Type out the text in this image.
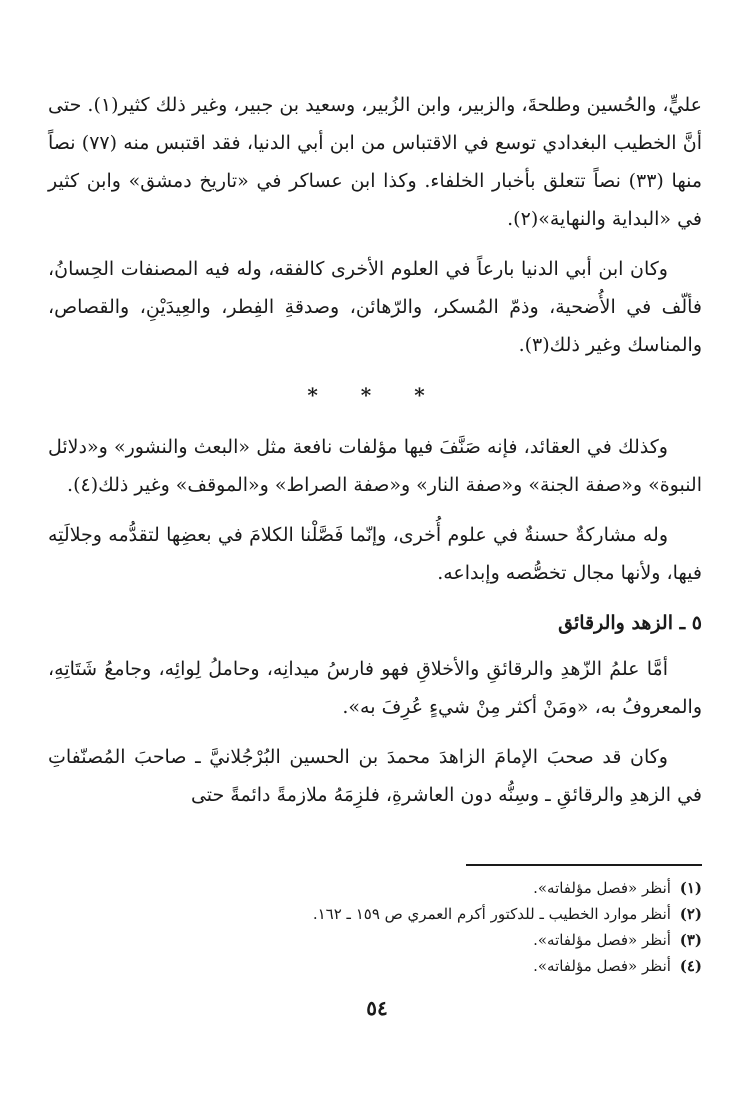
عليٍّ، والحُسين وطلحةَ، والزبير، وابن الزُبير، وسعيد بن جبير، وغير ذلك كثير(١). حتى أنَّ الخطيب البغدادي توسع في الاقتباس من ابن أبي الدنيا، فقد اقتبس منه (٧٧) نصاً منها (٣٣) نصاً تتعلق بأخبار الخلفاء. وكذا ابن عساكر في «تاريخ دمشق» وابن كثير في «البداية والنهاية»(٢).

وكان ابن أبي الدنيا بارعاً في العلوم الأخرى كالفقه، وله فيه المصنفات الحِسانُ، فألّف في الأُضحية، وذمّ المُسكر، والرّهائن، وصدقةِ الفِطر، والعِيدَيْنِ، والقصاص، والمناسك وغير ذلك(٣).

* * *

وكذلك في العقائد، فإنه صَنَّفَ فيها مؤلفات نافعة مثل «البعث والنشور» و«دلائل النبوة» و«صفة الجنة» و«صفة النار» و«صفة الصراط» و«الموقف» وغير ذلك(٤).

وله مشاركةٌ حسنةٌ في علوم أُخرى، وإنّما فَصَّلْنا الكلامَ في بعضِها لتقدُّمه وجلالَتِه فيها، ولأنها مجال تخصُّصه وإبداعه.

٥ ـ الزهد والرقائق

أمَّا علمُ الزّهدِ والرقائقِ والأخلاقِ فهو فارسُ ميدانِه، وحاملُ لِوائِه، وجامعُ شَتَاتِهِ، والمعروفُ به، «ومَنْ أكثر مِنْ شيءٍ عُرِفَ به».

وكان قد صحبَ الإمامَ الزاهدَ محمدَ بن الحسين البُرْجُلانيَّ ـ صاحبَ المُصنّفاتِ في الزهدِ والرقائقِ ـ وسِنُّه دون العاشرةِ، فلزِمَهُ ملازمةً دائمةً حتى

(١) أنظر «فصل مؤلفاته».

(٢) أنظر موارد الخطيب ـ للدكتور أكرم العمري ص ١٥٩ ـ ١٦٢.

(٣) أنظر «فصل مؤلفاته».

(٤) أنظر «فصل مؤلفاته».

٥٤
